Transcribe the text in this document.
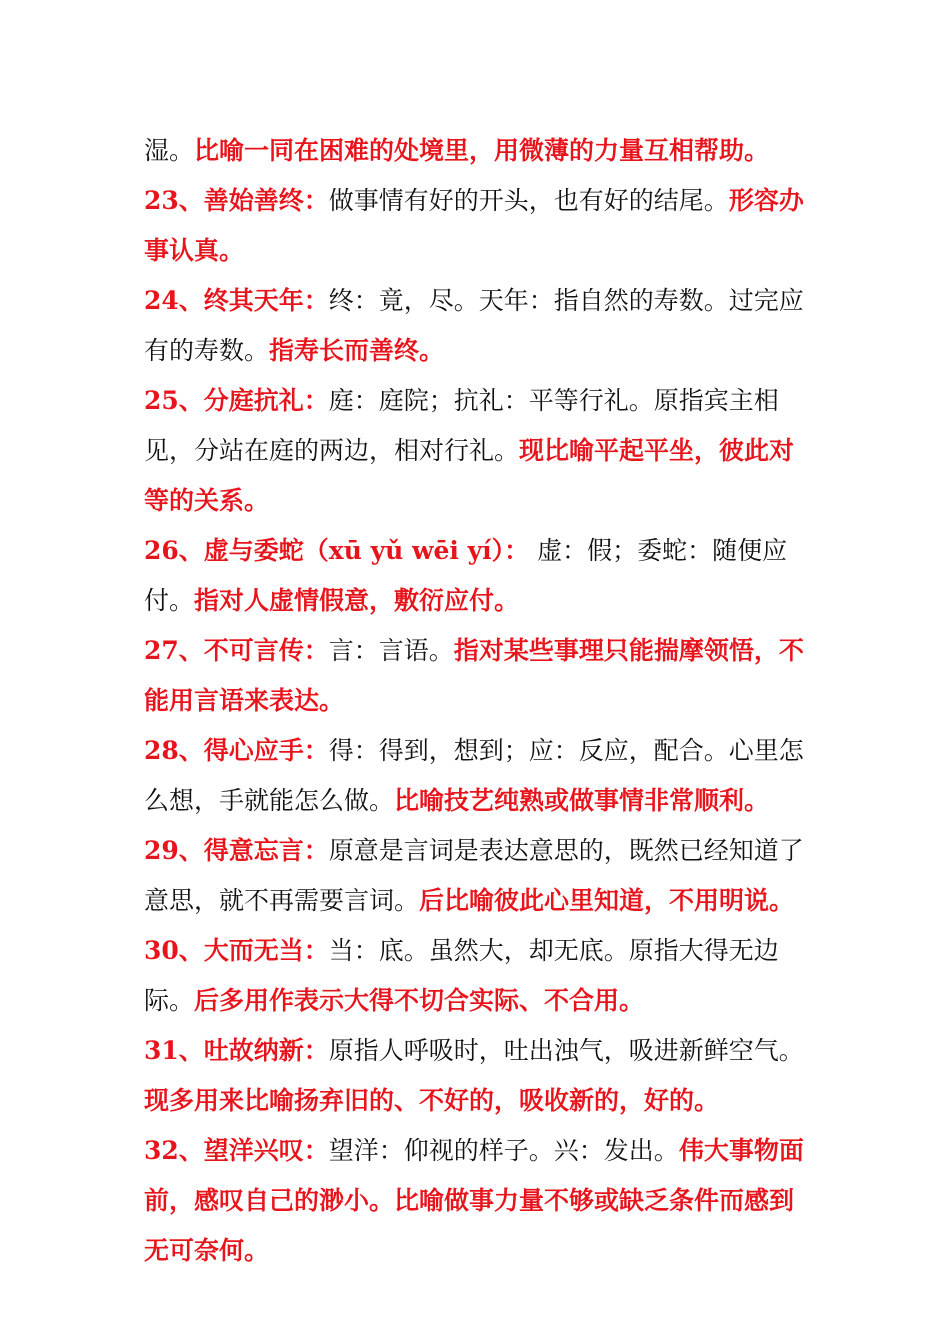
湿。比喻一同在困难的处境里，用微薄的力量互相帮助。

23、善始善终：做事情有好的开头，也有好的结尾。形容办事认真。

24、终其天年：终：竟，尽。天年：指自然的寿数。过完应有的寿数。指寿长而善终。

25、分庭抗礼：庭：庭院；抗礼：平等行礼。原指宾主相见，分站在庭的两边，相对行礼。现比喻平起平坐，彼此对等的关系。

26、虚与委蛇（xū yǔ wēi yí）： 虚：假；委蛇：随便应付。指对人虚情假意，敷衍应付。

27、不可言传：言：言语。指对某些事理只能揣摩领悟，不能用言语来表达。

28、得心应手：得：得到，想到；应：反应，配合。心里怎么想，手就能怎么做。比喻技艺纯熟或做事情非常顺利。

29、得意忘言：原意是言词是表达意思的，既然已经知道了意思，就不再需要言词。后比喻彼此心里知道，不用明说。

30、大而无当：当：底。虽然大，却无底。原指大得无边际。后多用作表示大得不切合实际、不合用。

31、吐故纳新：原指人呼吸时，吐出浊气，吸进新鲜空气。现多用来比喻扬弃旧的、不好的，吸收新的，好的。

32、望洋兴叹：望洋：仰视的样子。兴：发出。伟大事物面前，感叹自己的渺小。比喻做事力量不够或缺乏条件而感到无可奈何。
